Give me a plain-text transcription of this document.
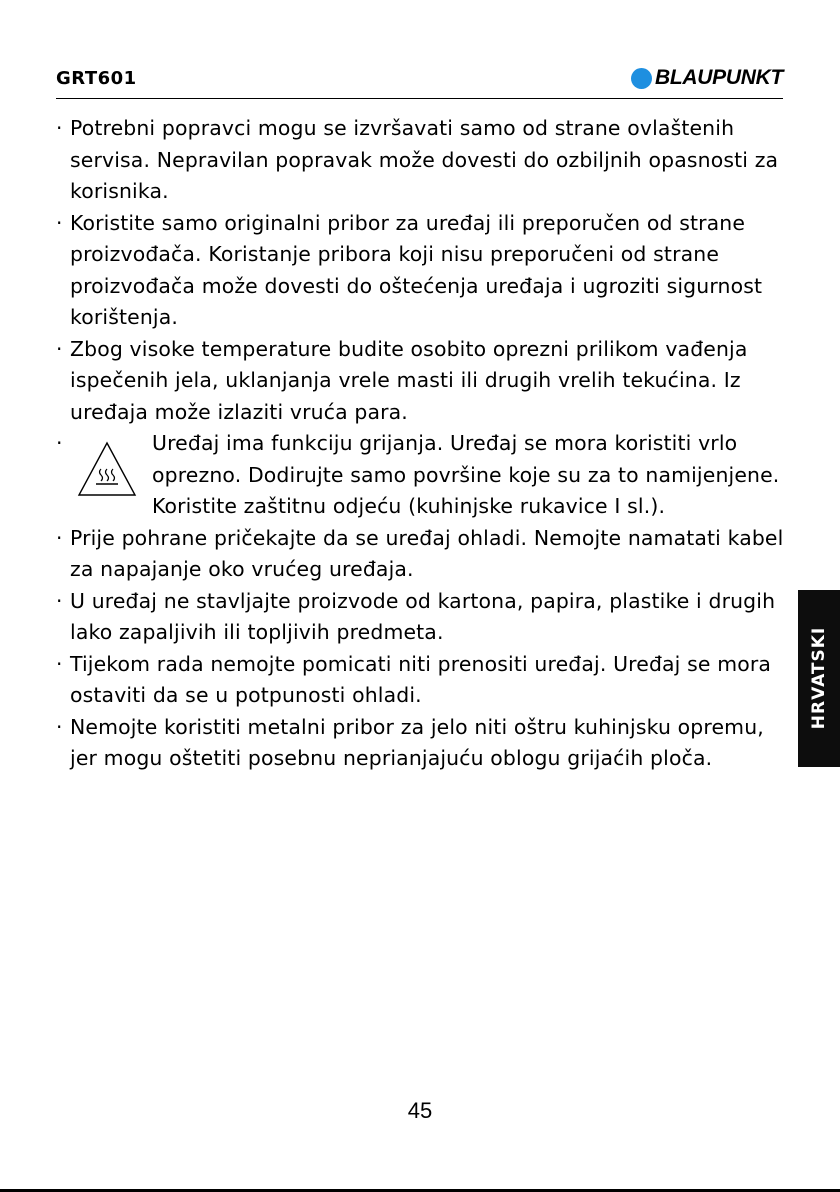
GRT601	BLAUPUNKT
· Potrebni popravci mogu se izvršavati samo od strane ovlaštenih servisa. Nepravilan popravak može dovesti do ozbiljnih opasnosti za korisnika.
· Koristite samo originalni pribor za uređaj ili preporučen od strane proizvođača. Koristanje pribora koji nisu preporučeni od strane proizvođača može dovesti do oštećenja uređaja i ugroziti sigurnost korištenja.
· Zbog visoke temperature budite osobito oprezni prilikom vađenja ispečenih jela, uklanjanja vrele masti ili drugih vrelih tekućina. Iz uređaja može izlaziti vruća para.
·	Uređaj ima funkciju grijanja. Uređaj se mora koristiti vrlo oprezno. Dodirujte samo površine koje su za to namijenjene. Koristite zaštitnu odjeću (kuhinjske rukavice I sl.).
· Prije pohrane pričekajte da se uređaj ohladi. Nemojte namatati kabel za napajanje oko vrućeg uređaja.
· U uređaj ne stavljajte proizvode od kartona, papira, plastike i drugih lako zapaljivih ili topljivih predmeta.
· Tijekom rada nemojte pomicati niti prenositi uređaj. Uređaj se mora ostaviti da se u potpunosti ohladi.
· Nemojte koristiti metalni pribor za jelo niti oštru kuhinjsku opremu, jer mogu oštetiti posebnu neprianjajuću oblogu grijaćih ploča.
HRVATSKI
45
